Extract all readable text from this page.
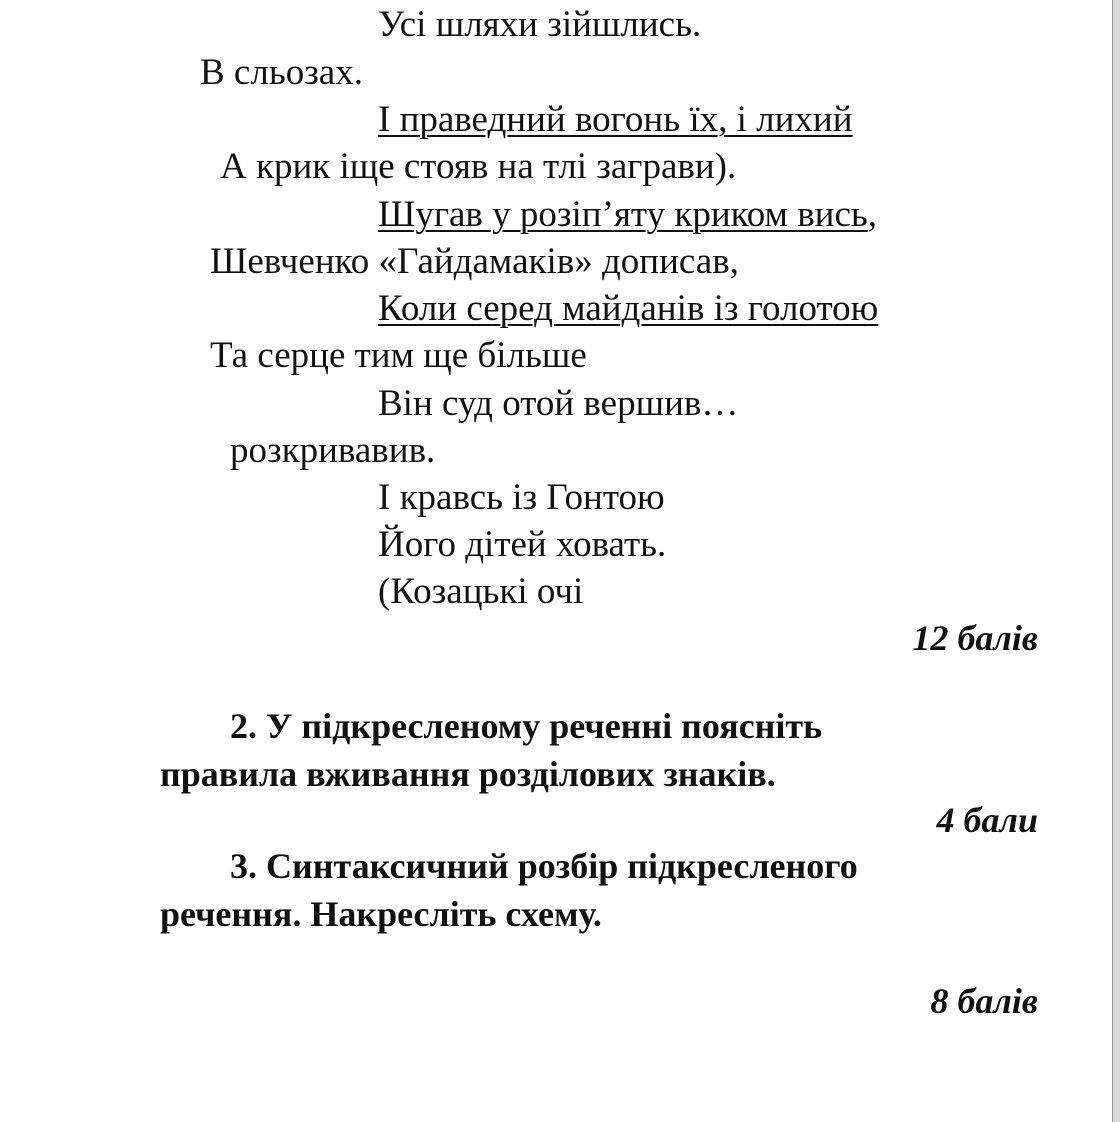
Усі шляхи зійшлись.
В сльозах.
І праведний вогонь їх, і лихий
А крик іще стояв на тлі заграви).
Шугав у розіп’яту криком вись,
Шевченко «Гайдамаків» дописав,
Коли серед майданів із голотою
Та серце тим ще більше
Він суд отой вершив…
розкривавив.
І кравсь із Гонтою
Його дітей ховать.
(Козацькі очі
12 балів
2. У підкресленому реченні поясніть правила вживання розділових знаків.
4 бали
3. Синтаксичний розбір підкресленого речення. Накресліть схему.
8 балів
